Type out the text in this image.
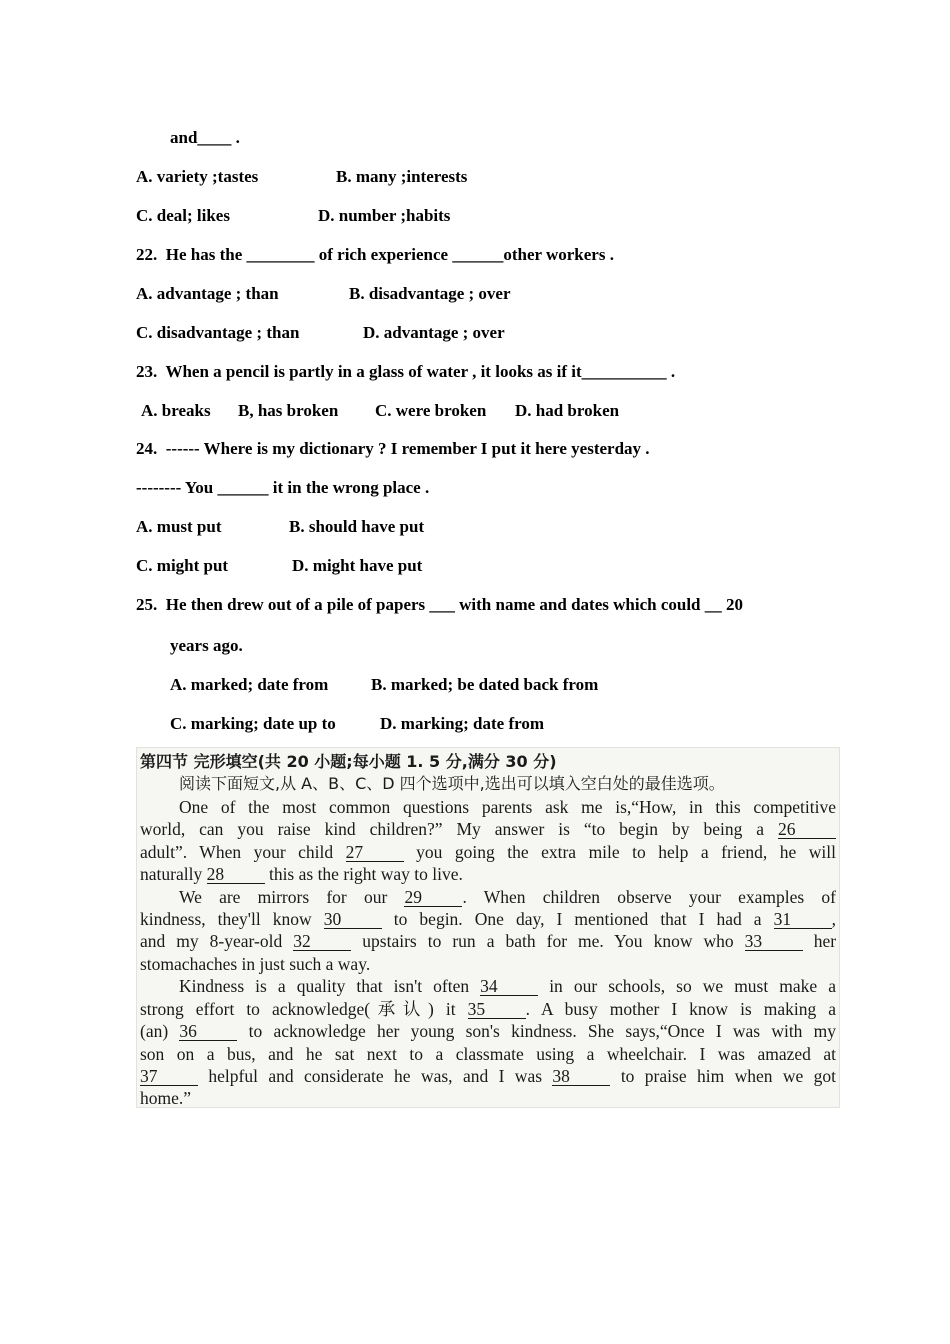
and____ .
A. variety ;tastes	B. many ;interests
C. deal; likes	D. number ;habits
22.  He has the ________ of rich experience ______other workers .
A. advantage ; than	B. disadvantage ; over
C. disadvantage ; than	D. advantage ; over
23.  When a pencil is partly in a glass of water , it looks as if it__________ .
A. breaks B, has broken C. were broken D. had broken
24.  ------ Where is my dictionary ? I remember I put it here yesterday .
-------- You ______ it in the wrong place .
A. must put	B. should have put
C. might put	D. might have put
25.  He then drew out of a pile of papers ___ with name and dates which could __ 20
years ago.
A. marked; date from	B. marked; be dated back from
C. marking; date up to	D. marking; date from
第四节 完形填空(共 20 小题;每小题 1. 5 分,满分 30 分)
阅读下面短文,从 A、B、C、D 四个选项中,选出可以填入空白处的最佳选项。
One of the most common questions parents ask me is,“How, in this competitive
world, can you raise kind children?” My answer is “to begin by being a 26
adult”. When your child 27	you going the extra mile to help a friend, he will
naturally 28	this as the right way to live.
We are mirrors for our 29 . When children observe your examples of
kindness, they'll know 30	to begin. One day, I mentioned that I had a 31 ,
and my 8-year-old 32	upstairs to run a bath for me. You know who 33	her
stomachaches in just such a way.
Kindness is a quality that isn't often 34	in our schools, so we must make a
strong effort to acknowledge(承认) it 35 . A busy mother I know is making a
(an) 36	to acknowledge her young son's kindness. She says,“Once I was with my
son on a bus, and he sat next to a classmate using a wheelchair. I was amazed at
37	helpful and considerate he was, and I was 38	to praise him when we got
home.”
